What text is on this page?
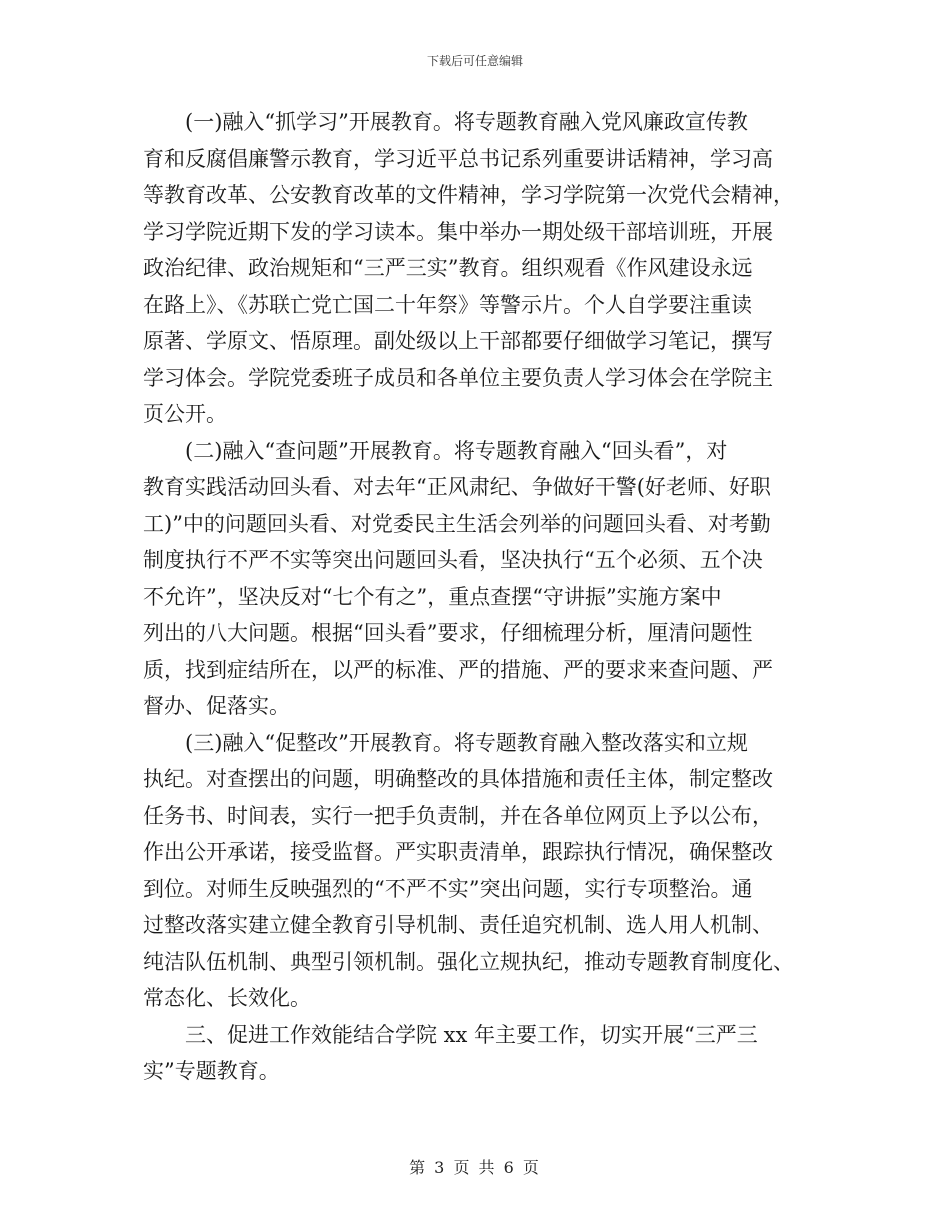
下载后可任意编辑
(一)融入“抓学习”开展教育。将专题教育融入党风廉政宣传教
育和反腐倡廉警示教育，学习近平总书记系列重要讲话精神，学习高
等教育改革、公安教育改革的文件精神，学习学院第一次党代会精神，
学习学院近期下发的学习读本。集中举办一期处级干部培训班，开展
政治纪律、政治规矩和“三严三实”教育。组织观看《作风建设永远
在路上》、《苏联亡党亡国二十年祭》等警示片。个人自学要注重读
原著、学原文、悟原理。副处级以上干部都要仔细做学习笔记，撰写
学习体会。学院党委班子成员和各单位主要负责人学习体会在学院主
页公开。
(二)融入“查问题”开展教育。将专题教育融入“回头看”，对
教育实践活动回头看、对去年“正风肃纪、争做好干警(好老师、好职
工)”中的问题回头看、对党委民主生活会列举的问题回头看、对考勤
制度执行不严不实等突出问题回头看，坚决执行“五个必须、五个决
不允许”，坚决反对“七个有之”，重点查摆“守讲振”实施方案中
列出的八大问题。根据“回头看”要求，仔细梳理分析，厘清问题性
质，找到症结所在，以严的标准、严的措施、严的要求来查问题、严
督办、促落实。
(三)融入“促整改”开展教育。将专题教育融入整改落实和立规
执纪。对查摆出的问题，明确整改的具体措施和责任主体，制定整改
任务书、时间表，实行一把手负责制，并在各单位网页上予以公布，
作出公开承诺，接受监督。严实职责清单，跟踪执行情况，确保整改
到位。对师生反映强烈的“不严不实”突出问题，实行专项整治。通
过整改落实建立健全教育引导机制、责任追究机制、选人用人机制、
纯洁队伍机制、典型引领机制。强化立规执纪，推动专题教育制度化、
常态化、长效化。
三、促进工作效能结合学院 xx 年主要工作，切实开展“三严三
实”专题教育。
第 3 页 共 6 页
